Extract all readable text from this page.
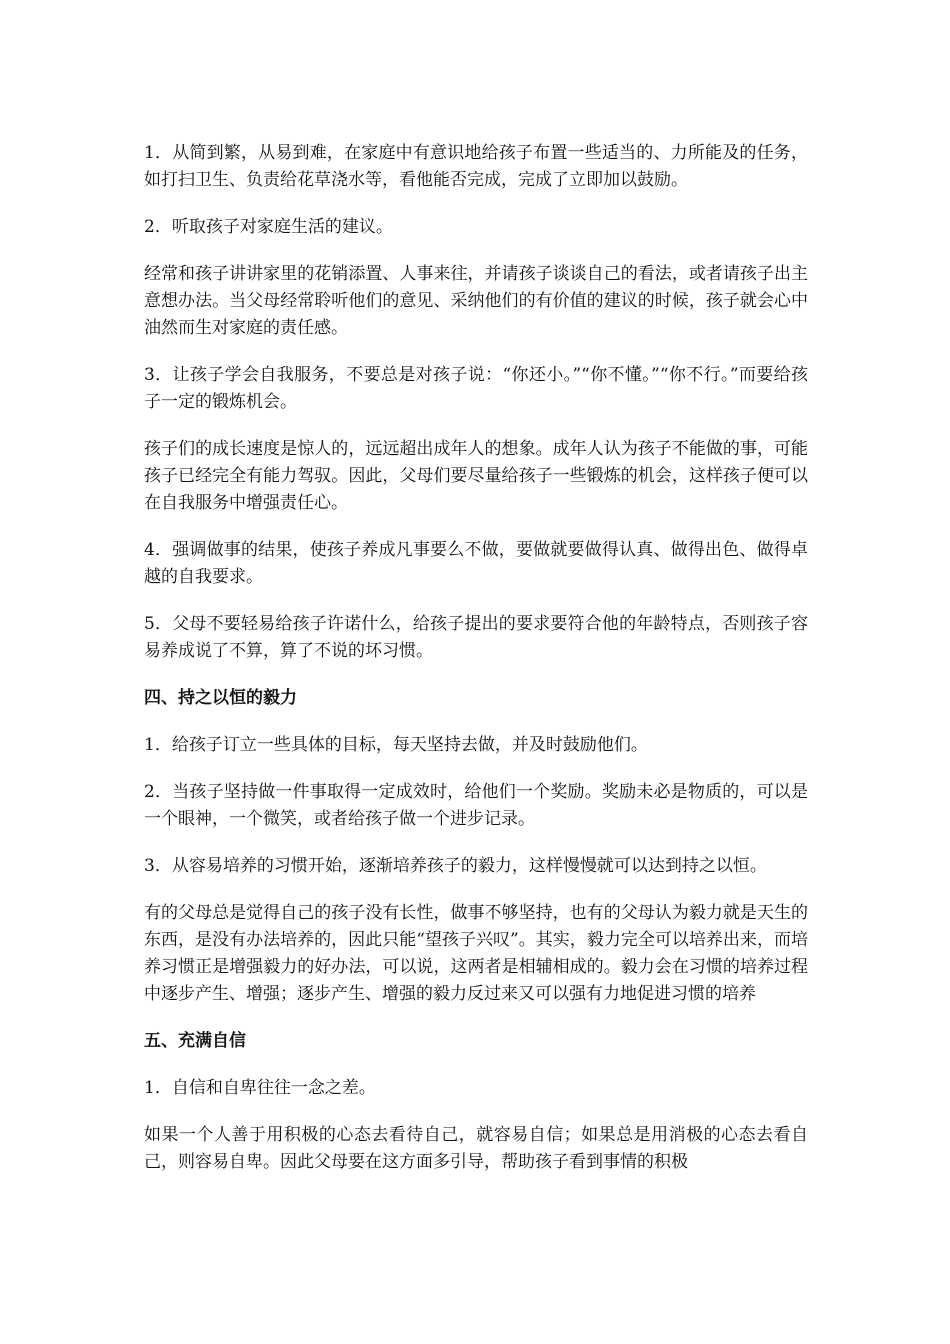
1．从简到繁，从易到难，在家庭中有意识地给孩子布置一些适当的、力所能及的任务，如打扫卫生、负责给花草浇水等，看他能否完成，完成了立即加以鼓励。

2．听取孩子对家庭生活的建议。

经常和孩子讲讲家里的花销添置、人事来往，并请孩子谈谈自己的看法，或者请孩子出主意想办法。当父母经常聆听他们的意见、采纳他们的有价值的建议的时候，孩子就会心中油然而生对家庭的责任感。

3．让孩子学会自我服务，不要总是对孩子说：“你还小。”“你不懂。”“你不行。”而要给孩子一定的锻炼机会。

孩子们的成长速度是惊人的，远远超出成年人的想象。成年人认为孩子不能做的事，可能孩子已经完全有能力驾驭。因此，父母们要尽量给孩子一些锻炼的机会，这样孩子便可以在自我服务中增强责任心。

4．强调做事的结果，使孩子养成凡事要么不做，要做就要做得认真、做得出色、做得卓越的自我要求。

5．父母不要轻易给孩子许诺什么，给孩子提出的要求要符合他的年龄特点，否则孩子容易养成说了不算，算了不说的坏习惯。

四、持之以恒的毅力

1．给孩子订立一些具体的目标，每天坚持去做，并及时鼓励他们。

2．当孩子坚持做一件事取得一定成效时，给他们一个奖励。奖励未必是物质的，可以是一个眼神，一个微笑，或者给孩子做一个进步记录。

3．从容易培养的习惯开始，逐渐培养孩子的毅力，这样慢慢就可以达到持之以恒。

有的父母总是觉得自己的孩子没有长性，做事不够坚持，也有的父母认为毅力就是天生的东西，是没有办法培养的，因此只能“望孩子兴叹”。其实，毅力完全可以培养出来，而培养习惯正是增强毅力的好办法，可以说，这两者是相辅相成的。毅力会在习惯的培养过程中逐步产生、增强；逐步产生、增强的毅力反过来又可以强有力地促进习惯的培养

五、充满自信

1．自信和自卑往往一念之差。

如果一个人善于用积极的心态去看待自己，就容易自信；如果总是用消极的心态去看自己，则容易自卑。因此父母要在这方面多引导，帮助孩子看到事情的积极
